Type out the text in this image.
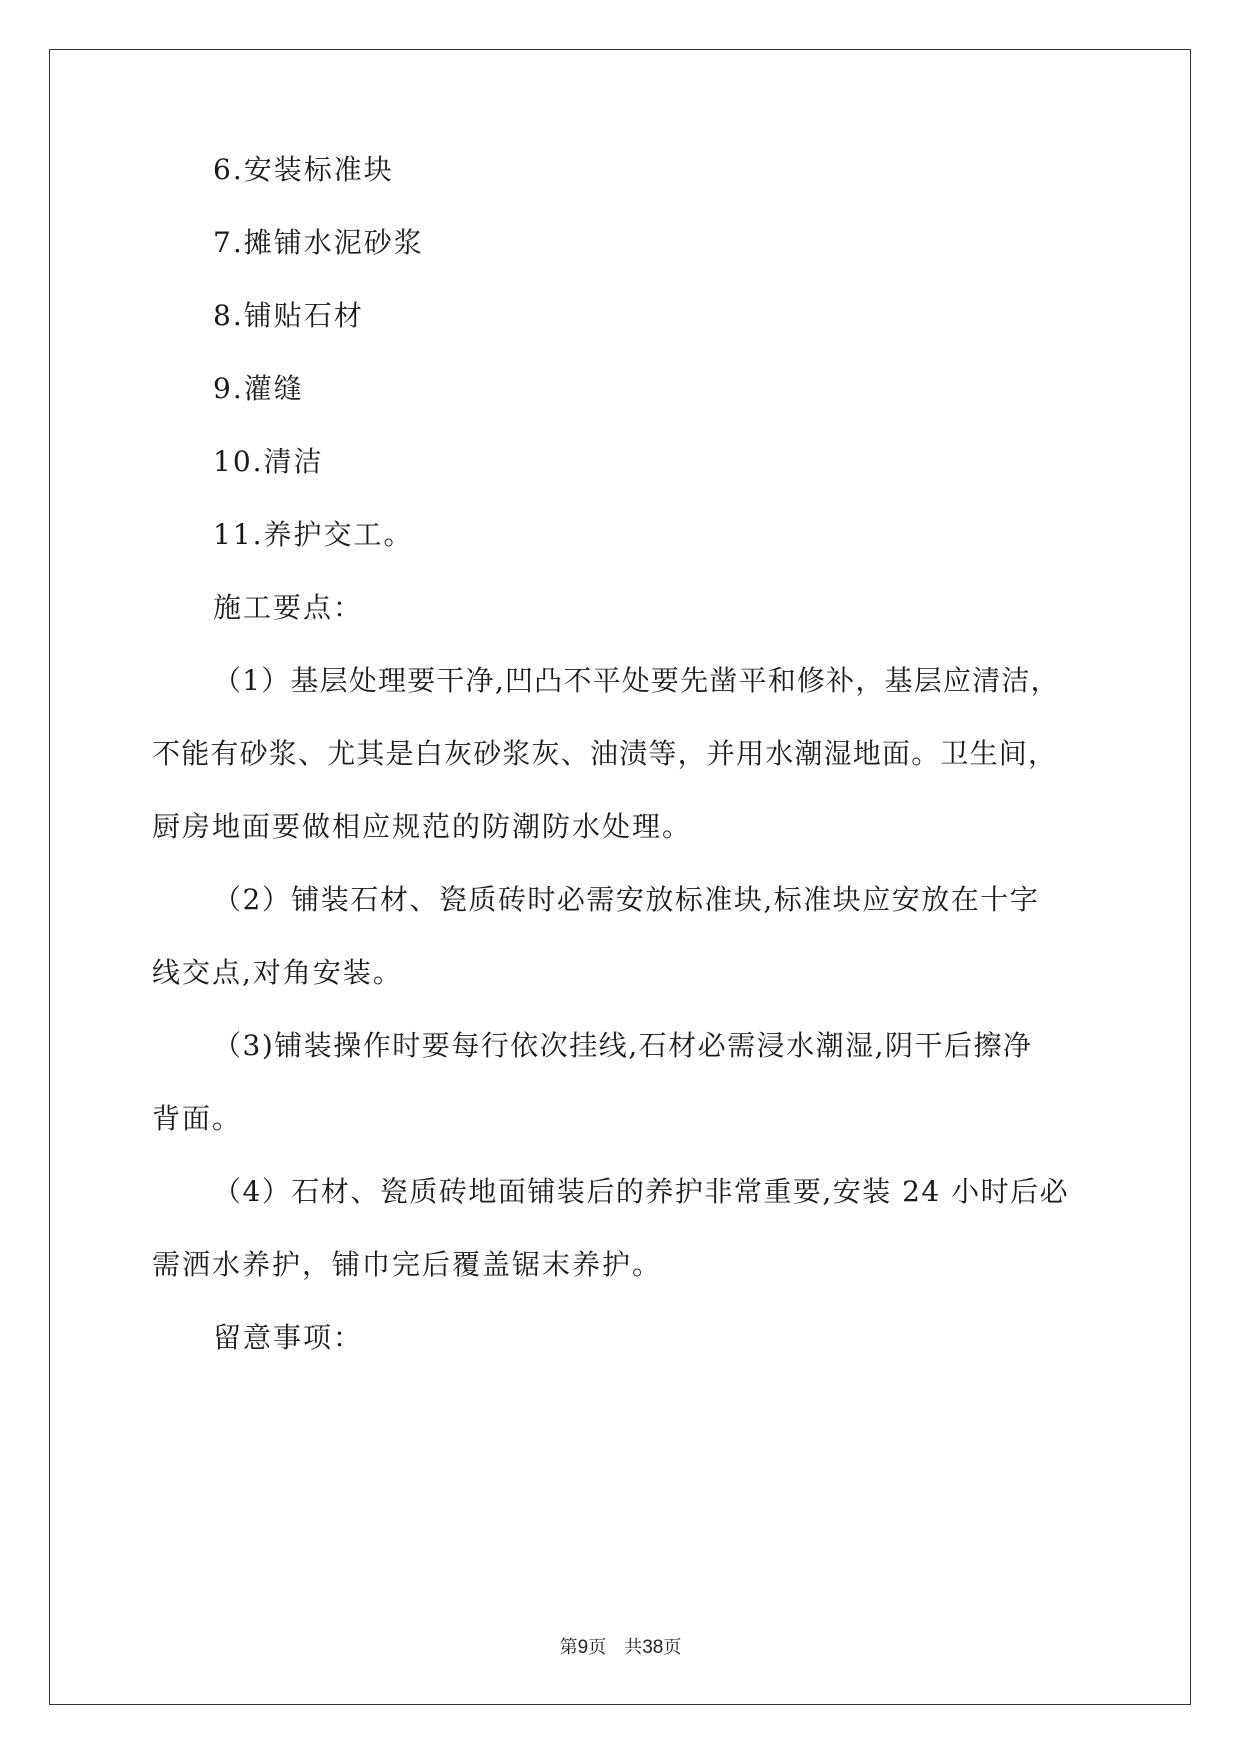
6.安装标准块
7.摊铺水泥砂浆
8.铺贴石材
9.灌缝
10.清洁
11.养护交工。
施工要点：
（1）基层处理要干净,凹凸不平处要先凿平和修补，基层应清洁，
不能有砂浆、尤其是白灰砂浆灰、油渍等，并用水潮湿地面。卫生间，
厨房地面要做相应规范的防潮防水处理。
（2）铺装石材、瓷质砖时必需安放标准块,标准块应安放在十字
线交点,对角安装。
（3)铺装操作时要每行依次挂线,石材必需浸水潮湿,阴干后擦净
背面。
（4）石材、瓷质砖地面铺装后的养护非常重要,安装 24 小时后必
需洒水养护，铺巾完后覆盖锯末养护。
留意事项：
第9页 共38页
